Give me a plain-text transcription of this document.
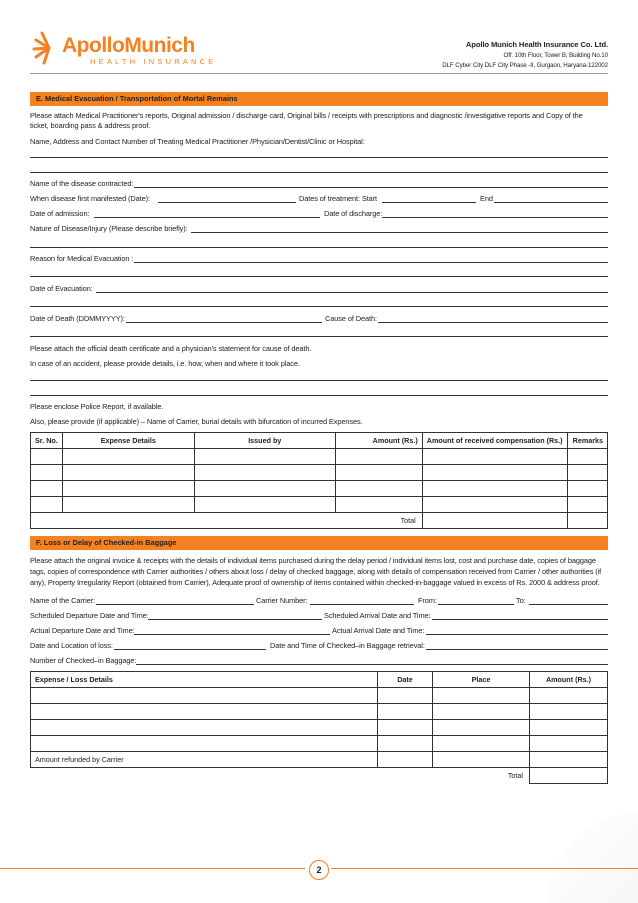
ApolloMunich
HEALTH INSURANCE
Apollo Munich Health Insurance Co. Ltd.
Off. 10th Floor, Tower B, Building No.10
DLF Cyber City DLF City Phase -II, Gurgaon, Haryana-122002
E. Medical Evacuation / Transportation of Mortal Remains
Please attach Medical Practitioner's reports, Original admission / discharge card, Original bills / receipts with prescriptions and diagnostic /investigative reports and Copy of the
ticket, boarding pass & address proof.
Name, Address and Contact Number of Treating Medical Practitioner /Physician/Dentist/Clinic or Hospital:
Name of the disease contracted:
When disease first manifested (Date):	Dates of treatment: Start	End
Date of admission:	Date of discharge:
Nature of Disease/Injury (Please describe briefly):
Reason for Medical Evacuation :
Date of Evacuation:
Date of Death (DDMMYYYY):	Cause of Death:
Please attach the official death certificate and a physician's statement for cause of death.
In case of an accident, please provide details, i.e. how, when and where it took place.
Please enclose Police Report, if available.
Also, please provide (if applicable) – Name of Carrier, burial details with bifurcation of incurred Expenses.
Sr. No.	Expense Details	Issued by	Amount (Rs.)	Amount of received compensation (Rs.)	Remarks

Total					
F. Loss or Delay of Checked-in Baggage
Please attach the original invoice & receipts with the details of individual items purchased during the delay period / individual items lost, cost and purchase date, copies of baggage
tags, copies of correspondence with Carrier authorities / others about loss / delay of checked baggage, along with details of compensation received from Carrier / other authorities (if
any), Property Irregularity Report (obtained from Carrier), Adequate proof of ownership of items contained within checked-in-baggage valued in excess of Rs. 2000 & address proof.
Name of the Carrier:	Carrier Number:	From:	To:
Scheduled Departure Date and Time:	Scheduled Arrival Date and Time:
Actual Departure Date and Time:	Actual Arrival Date and Time:
Date and Location of loss:	Date and Time of Checked–in Baggage retrieval:
Number of Checked–in Baggage:
Expense / Loss Details	Date	Place	Amount (Rs.)

Amount refunded by Carrier			
Total			
2
